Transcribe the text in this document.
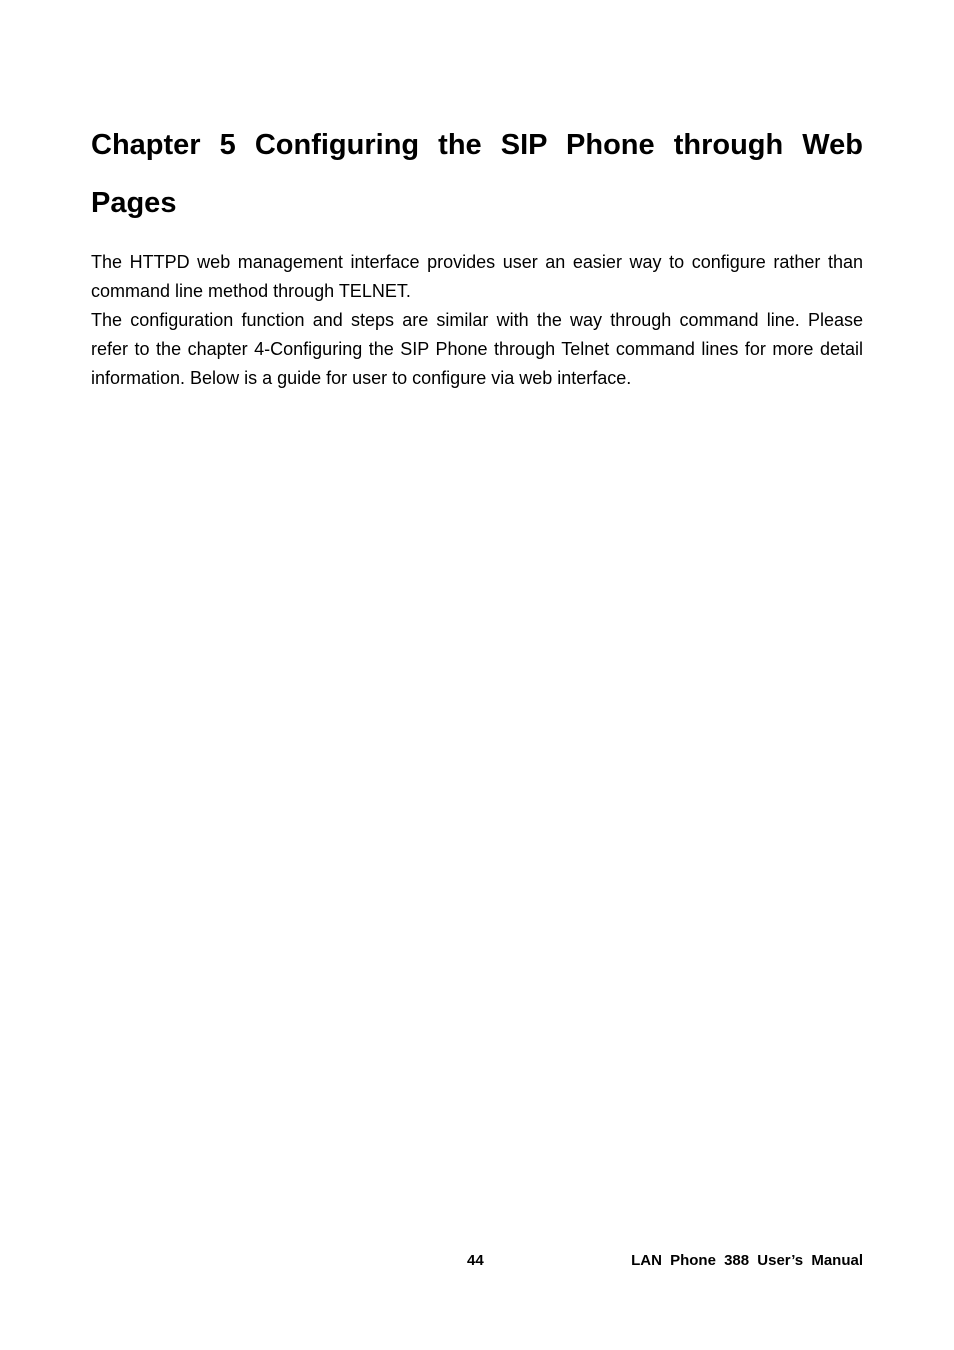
Chapter 5 Configuring the SIP Phone through Web Pages
The HTTPD web management interface provides user an easier way to configure rather than command line method through TELNET.
The configuration function and steps are similar with the way through command line. Please refer to the chapter 4-Configuring the SIP Phone through Telnet command lines for more detail information. Below is a guide for user to configure via web interface.
44	LAN Phone 388 User’s Manual
